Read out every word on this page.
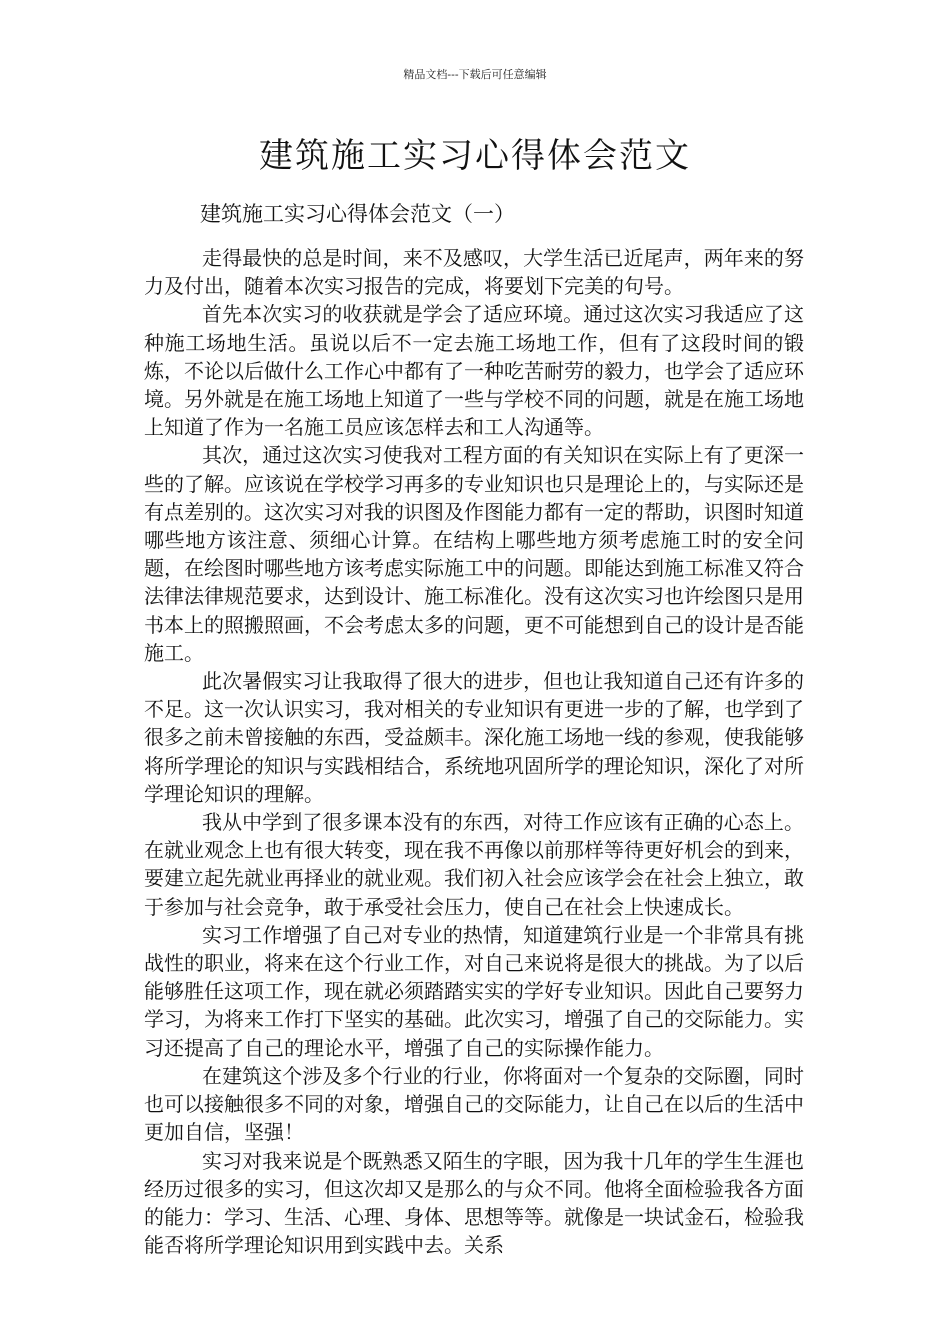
精品文档---下载后可任意编辑
建筑施工实习心得体会范文
建筑施工实习心得体会范文（一）

走得最快的总是时间，来不及感叹，大学生活已近尾声，两年来的努力及付出，随着本次实习报告的完成，将要划下完美的句号。

首先本次实习的收获就是学会了适应环境。通过这次实习我适应了这种施工场地生活。虽说以后不一定去施工场地工作，但有了这段时间的锻炼，不论以后做什么工作心中都有了一种吃苦耐劳的毅力，也学会了适应环境。另外就是在施工场地上知道了一些与学校不同的问题，就是在施工场地上知道了作为一名施工员应该怎样去和工人沟通等。

其次，通过这次实习使我对工程方面的有关知识在实际上有了更深一些的了解。应该说在学校学习再多的专业知识也只是理论上的，与实际还是有点差别的。这次实习对我的识图及作图能力都有一定的帮助，识图时知道哪些地方该注意、须细心计算。在结构上哪些地方须考虑施工时的安全问题，在绘图时哪些地方该考虑实际施工中的问题。即能达到施工标准又符合法律法律规范要求，达到设计、施工标准化。没有这次实习也许绘图只是用书本上的照搬照画，不会考虑太多的问题，更不可能想到自己的设计是否能施工。

此次暑假实习让我取得了很大的进步，但也让我知道自己还有许多的不足。这一次认识实习，我对相关的专业知识有更进一步的了解，也学到了很多之前未曾接触的东西，受益颇丰。深化施工场地一线的参观，使我能够将所学理论的知识与实践相结合，系统地巩固所学的理论知识，深化了对所学理论知识的理解。

我从中学到了很多课本没有的东西，对待工作应该有正确的心态上。在就业观念上也有很大转变，现在我不再像以前那样等待更好机会的到来，要建立起先就业再择业的就业观。我们初入社会应该学会在社会上独立，敢于参加与社会竞争，敢于承受社会压力，使自己在社会上快速成长。

实习工作增强了自己对专业的热情，知道建筑行业是一个非常具有挑战性的职业，将来在这个行业工作，对自己来说将是很大的挑战。为了以后能够胜任这项工作，现在就必须踏踏实实的学好专业知识。因此自己要努力学习，为将来工作打下坚实的基础。此次实习，增强了自己的交际能力。实习还提高了自己的理论水平，增强了自己的实际操作能力。

在建筑这个涉及多个行业的行业，你将面对一个复杂的交际圈，同时也可以接触很多不同的对象，增强自己的交际能力，让自己在以后的生活中更加自信，坚强！

实习对我来说是个既熟悉又陌生的字眼，因为我十几年的学生生涯也经历过很多的实习，但这次却又是那么的与众不同。他将全面检验我各方面的能力：学习、生活、心理、身体、思想等等。就像是一块试金石，检验我能否将所学理论知识用到实践中去。关系
